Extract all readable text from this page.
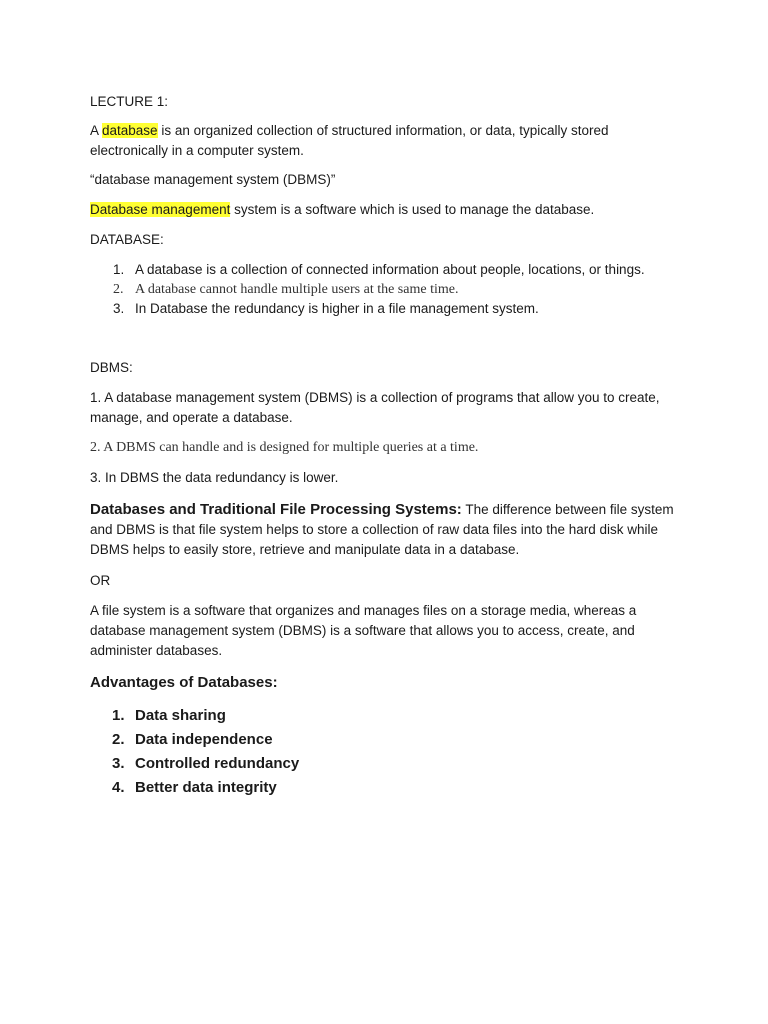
LECTURE 1:
A database is an organized collection of structured information, or data, typically stored electronically in a computer system.
“database management system (DBMS)”
Database management system is a software which is used to manage the database.
DATABASE:
1. A database is a collection of connected information about people, locations, or things.
2. A database cannot handle multiple users at the same time.
3. In Database the redundancy is higher in a file management system.
DBMS:
1. A database management system (DBMS) is a collection of programs that allow you to create, manage, and operate a database.
2. A DBMS can handle and is designed for multiple queries at a time.
3. In DBMS the data redundancy is lower.
Databases and Traditional File Processing Systems: The difference between file system and DBMS is that file system helps to store a collection of raw data files into the hard disk while DBMS helps to easily store, retrieve and manipulate data in a database.
OR
A file system is a software that organizes and manages files on a storage media, whereas a database management system (DBMS) is a software that allows you to access, create, and administer databases.
Advantages of Databases:
1. Data sharing
2. Data independence
3. Controlled redundancy
4. Better data integrity
